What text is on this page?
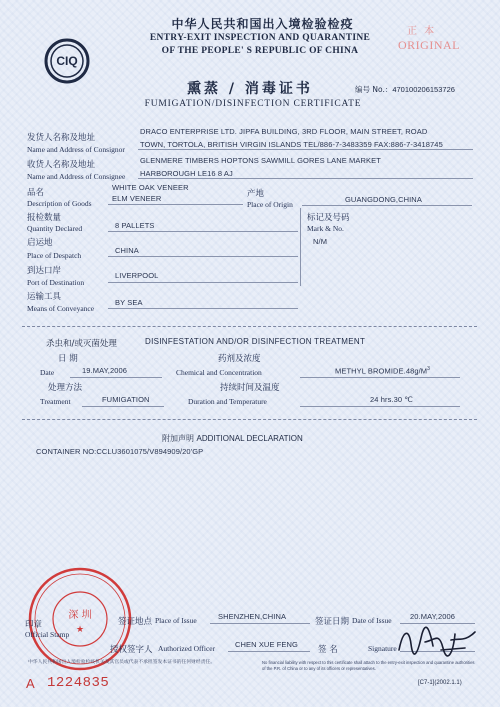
CIQ
中华人民共和国出入境检验检疫
ENTRY-EXIT INSPECTION AND QUARANTINE
OF THE PEOPLE' S REPUBLIC OF CHINA
正 本
ORIGINAL
熏蒸 / 消毒证书
FUMIGATION/DISINFECTION CERTIFICATE
编号 No.：470100206153726
发货人名称及地址
Name and Address of Consignor
DRACO ENTERPRISE LTD. JIPFA BUILDING, 3RD FLOOR, MAIN STREET, ROAD
TOWN, TORTOLA, BRITISH VIRGIN ISLANDS TEL/886-7-3483359 FAX:886-7-3418745
收货人名称及地址
Name and Address of Consignee
GLENMERE TIMBERS HOPTONS SAWMILL GORES LANE MARKET
HARBOROUGH LE16 8 AJ
品名
Description of Goods
WHITE OAK VENEER
ELM VENEER	产地
Place of Origin
GUANGDONG,CHINA
报检数量
Quantity Declared	8 PALLETS
标记及号码
Mark & No.
N/M
启运地
Place of Despatch
CHINA
到达口岸
Port of Destination
LIVERPOOL
运输工具
Means of Conveyance
BY SEA
杀虫和/或灭菌处理	DISINFESTATION AND/OR DISINFECTION TREATMENT
日 期
Date	19.MAY,2006
药剂及浓度
Chemical and Concentration	METHYL $BROMIDE.48g/M^3$
处理方法
Treatment	FUMIGATION
持续时间及温度
Duration and Temperature	24 hrs.30 ℃
附加声明 ADDITIONAL DECLARATION
CONTAINER NO:CCLU3601075/V894909/20'GP
深 圳
★
签证地点 Place of Issue	SHENZHEN,CHINA
签证日期 Date of Issue 20.MAY,2006
印章
Official Stamp
授权签字人 Authorized Officer	CHEN XUE FENG
签 名	Signature
中华人民共和国出入境检验检疫机关及其官员或代表不承担签发本证书的任何财经责任。	No financial liability with respect to this certificate shall attach to the entry-exit inspection and quarantine authorities of the P.R. of China or to any of its officers or representatives.
A 1224835	[C7-1](2002.1.1)
